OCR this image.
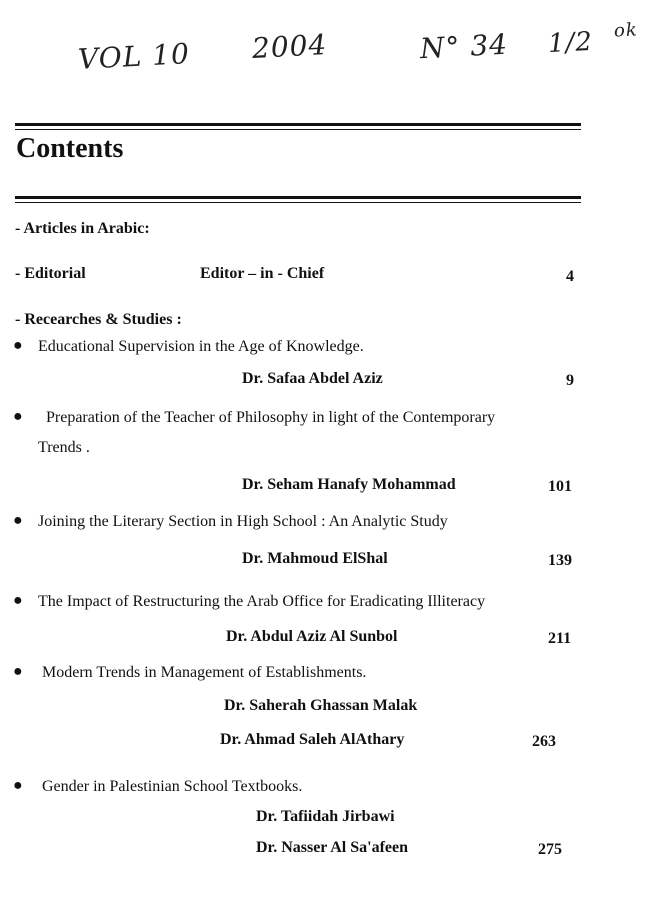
VOL 10 2004	N° 34 1/2 ok
Contents
- Articles in Arabic:
- Editorial	Editor – in - Chief	4
- Recearches & Studies :
● Educational Supervision in the Age of Knowledge.
Dr. Safaa Abdel Aziz	9
● Preparation of the Teacher of Philosophy in light of the Contemporary
Trends .
Dr. Seham Hanafy Mohammad	101
● Joining the Literary Section in High School : An Analytic Study
Dr. Mahmoud ElShal	139
● The Impact of Restructuring the Arab Office for Eradicating Illiteracy
Dr. Abdul Aziz Al Sunbol	211
● Modern Trends in Management of Establishments.
Dr. Saherah Ghassan Malak
Dr. Ahmad Saleh AlAthary	263
● Gender in Palestinian School Textbooks.
Dr. Tafiidah Jirbawi
Dr. Nasser Al Sa'afeen	275
